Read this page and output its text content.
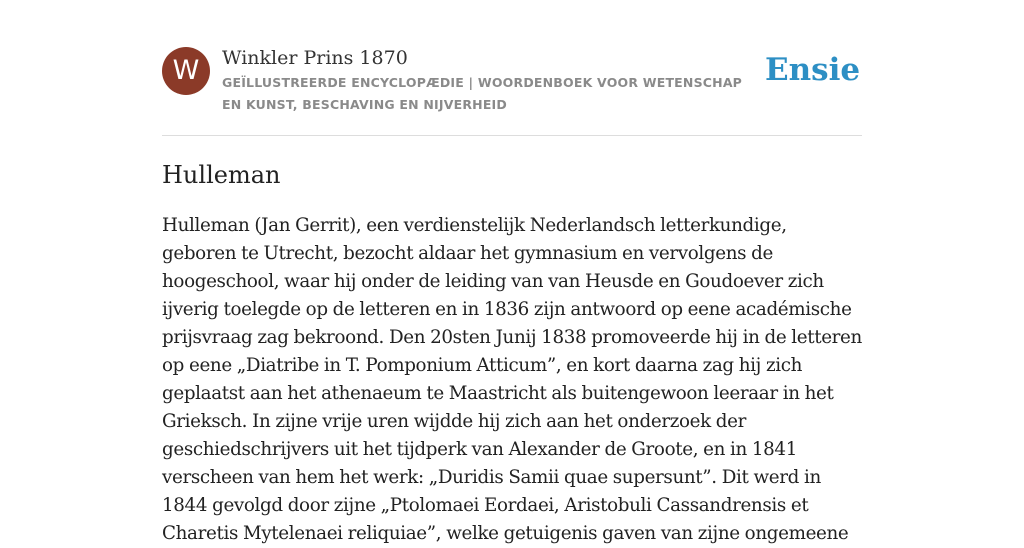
W	Winkler Prins 1870
GEÏLLUSTREERDE ENCYCLOPÆDIE | WOORDENBOEK VOOR WETENSCHAP EN KUNST, BESCHAVING EN NIJVERHEID
Ensie
Hulleman

Hulleman (Jan Gerrit), een verdienstelijk Nederlandsch letterkundige, geboren te Utrecht, bezocht aldaar het gymnasium en vervolgens de hoogeschool, waar hij onder de leiding van van Heusde en Goudoever zich ijverig toelegde op de letteren en in 1836 zijn antwoord op eene académische prijsvraag zag bekroond. Den 20sten Junij 1838 promoveerde hij in de letteren op eene „Diatribe in T. Pomponium Atticum”, en kort daarna zag hij zich geplaatst aan het athenaeum te Maastricht als buitengewoon leeraar in het Grieksch. In zijne vrije uren wijdde hij zich aan het onderzoek der geschiedschrijvers uit het tijdperk van Alexander de Groote, en in 1841 verscheen van hem het werk: „Duridis Samii quae supersunt”. Dit werd in 1844 gevolgd door zijne „Ptolomaei Eordaei, Aristobuli Cassandrensis et Charetis Mytelenaei reliquiae”, welke getuigenis gaven van zijne ongemeene
